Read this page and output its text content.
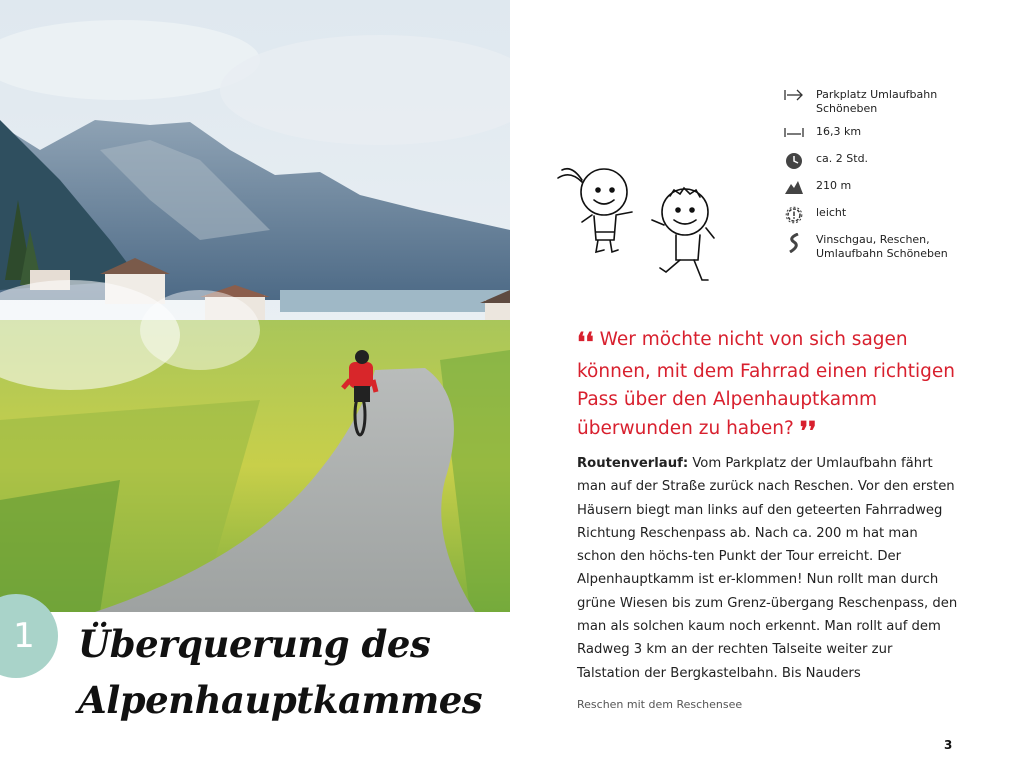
1	Überquerung des
Alpenhauptkammes
Parkplatz Umlaufbahn Schöneben
16,3 km
ca. 2 Std.
210 m
leicht
Vinschgau, Reschen, Umlaufbahn Schöneben
❛❛ Wer möchte nicht von sich sagen können, mit dem Fahrrad einen richtigen Pass über den Alpenhauptkamm überwunden zu haben? ❜❜
Routenverlauf: Vom Parkplatz der Umlaufbahn fährt man auf der Straße zurück nach Reschen. Vor den ersten Häusern biegt man links auf den geteerten Fahrradweg Richtung Reschenpass ab. Nach ca. 200 m hat man schon den höchs-ten Punkt der Tour erreicht. Der Alpenhauptkamm ist er-klommen! Nun rollt man durch grüne Wiesen bis zum Grenz-übergang Reschenpass, den man als solchen kaum noch erkennt. Man rollt auf dem Radweg 3 km an der rechten Talseite weiter zur Talstation der Bergkastelbahn. Bis Nauders
Reschen mit dem Reschensee
3
